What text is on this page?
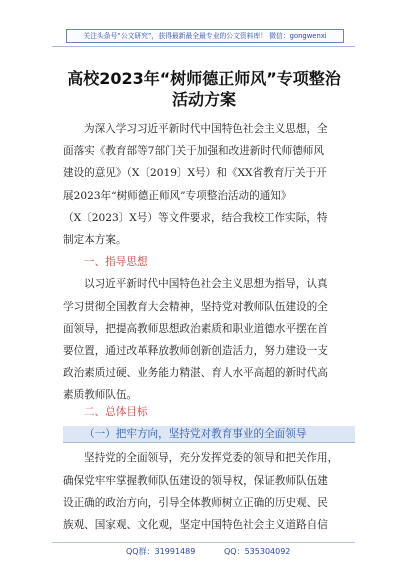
关注头条号“公文研究”，获得最新最全最专业的公文资料库！ 微信：gongwenxi
高校2023年“树师德正师风”专项整治
活动方案
为深入学习习近平新时代中国特色社会主义思想，全
面落实《教育部等7部门关于加强和改进新时代师德师风
建设的意见》（X〔2019〕X号）和《XX省教育厅关于开
展2023年“树师德正师风”专项整治活动的通知》
（X〔2023〕X号）等文件要求，结合我校工作实际，特
制定本方案。
一、指导思想
以习近平新时代中国特色社会主义思想为指导，认真
学习贯彻全国教育大会精神，坚持党对教师队伍建设的全
面领导，把提高教师思想政治素质和职业道德水平摆在首
要位置，通过改革释放教师创新创造活力，努力建设一支
政治素质过硬、业务能力精湛、育人水平高超的新时代高
素质教师队伍。
二、总体目标
（一）把牢方向，坚持党对教育事业的全面领导
坚持党的全面领导，充分发挥党委的领导和把关作用，
确保党牢牢掌握教师队伍建设的领导权，保证教师队伍建
设正确的政治方向，引导全体教师树立正确的历史观、民
族观、国家观、文化观，坚定中国特色社会主义道路自信
QQ群：31991489	QQ：535304092
